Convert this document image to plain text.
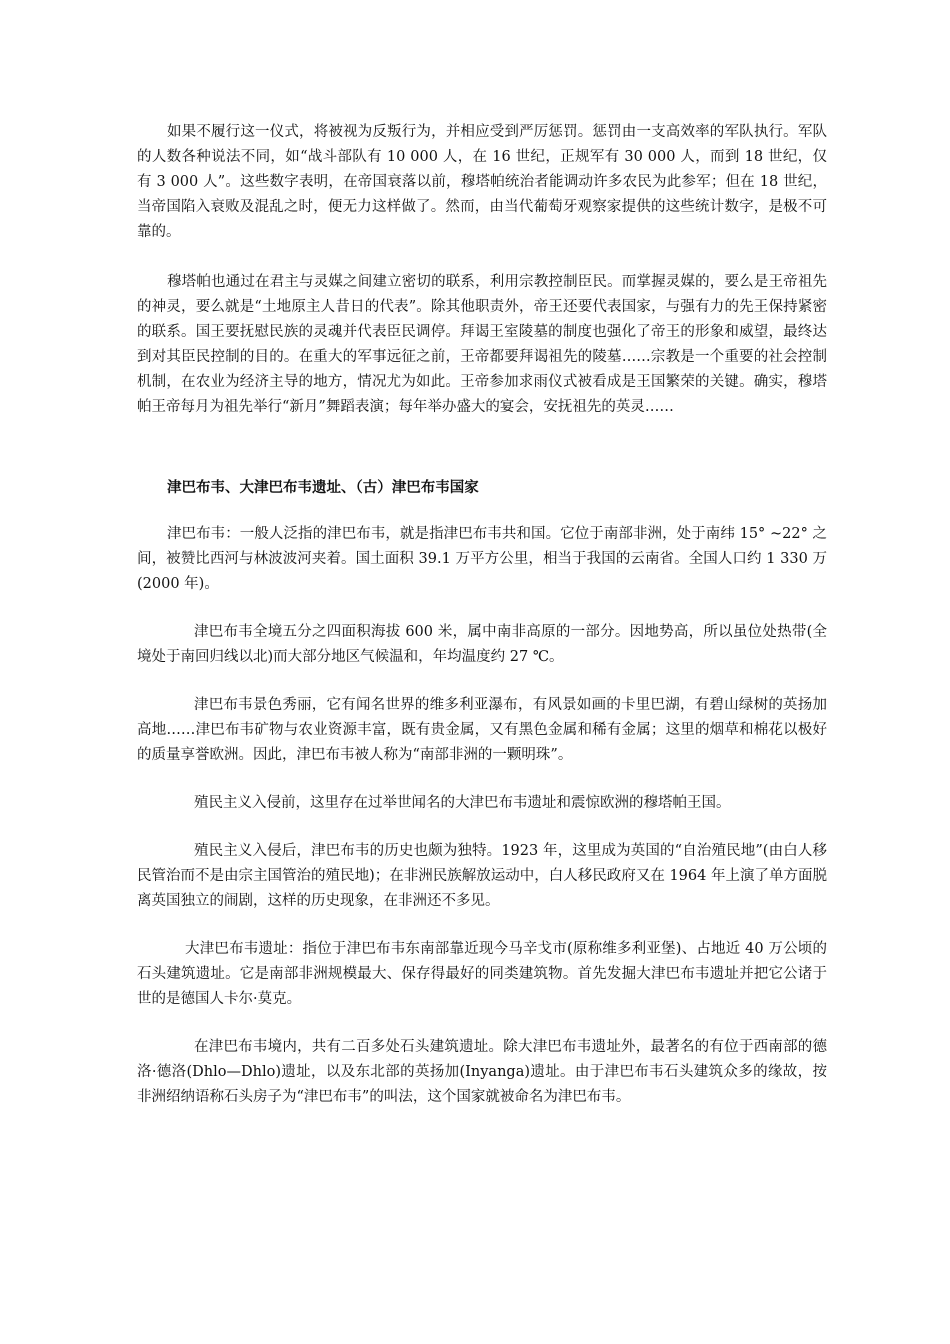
如果不履行这一仪式，将被视为反叛行为，并相应受到严厉惩罚。惩罚由一支高效率的军队执行。军队的人数各种说法不同，如“战斗部队有 10 000 人，在 16 世纪，正规军有 30 000 人，而到 18 世纪，仅有 3 000 人”。这些数字表明，在帝国衰落以前，穆塔帕统治者能调动许多农民为此参军；但在 18 世纪，当帝国陷入衰败及混乱之时，便无力这样做了。然而，由当代葡萄牙观察家提供的这些统计数字，是极不可靠的。

穆塔帕也通过在君主与灵媒之间建立密切的联系，利用宗教控制臣民。而掌握灵媒的，要么是王帝祖先的神灵，要么就是“土地原主人昔日的代表”。除其他职责外，帝王还要代表国家，与强有力的先王保持紧密的联系。国王要抚慰民族的灵魂并代表臣民调停。拜谒王室陵墓的制度也强化了帝王的形象和威望，最终达到对其臣民控制的目的。在重大的军事远征之前，王帝都要拜谒祖先的陵墓……宗教是一个重要的社会控制机制，在农业为经济主导的地方，情况尤为如此。王帝参加求雨仪式被看成是王国繁荣的关键。确实，穆塔帕王帝每月为祖先举行“新月”舞蹈表演；每年举办盛大的宴会，安抚祖先的英灵……

津巴布韦、大津巴布韦遗址、（古）津巴布韦国家

津巴布韦：一般人泛指的津巴布韦，就是指津巴布韦共和国。它位于南部非洲，处于南纬 15° ~22° 之间，被赞比西河与林波波河夹着。国土面积 39.1 万平方公里，相当于我国的云南省。全国人口约 1 330 万(2000 年)。

津巴布韦全境五分之四面积海拔 600 米，属中南非高原的一部分。因地势高，所以虽位处热带(全境处于南回归线以北)而大部分地区气候温和，年均温度约 27 ℃。

津巴布韦景色秀丽，它有闻名世界的维多利亚瀑布，有风景如画的卡里巴湖，有碧山绿树的英扬加高地……津巴布韦矿物与农业资源丰富，既有贵金属，又有黑色金属和稀有金属；这里的烟草和棉花以极好的质量享誉欧洲。因此，津巴布韦被人称为“南部非洲的一颗明珠”。

殖民主义入侵前，这里存在过举世闻名的大津巴布韦遗址和震惊欧洲的穆塔帕王国。

殖民主义入侵后，津巴布韦的历史也颇为独特。1923 年，这里成为英国的“自治殖民地”(由白人移民管治而不是由宗主国管治的殖民地)；在非洲民族解放运动中，白人移民政府又在 1964 年上演了单方面脱离英国独立的闹剧，这样的历史现象，在非洲还不多见。

大津巴布韦遗址：指位于津巴布韦东南部靠近现今马辛戈市(原称维多利亚堡)、占地近 40 万公顷的石头建筑遗址。它是南部非洲规模最大、保存得最好的同类建筑物。首先发掘大津巴布韦遗址并把它公诸于世的是德国人卡尔·莫克。

在津巴布韦境内，共有二百多处石头建筑遗址。除大津巴布韦遗址外，最著名的有位于西南部的德洛·德洛(Dhlo—Dhlo)遗址，以及东北部的英扬加(Inyanga)遗址。由于津巴布韦石头建筑众多的缘故，按非洲绍纳语称石头房子为“津巴布韦”的叫法，这个国家就被命名为津巴布韦。
